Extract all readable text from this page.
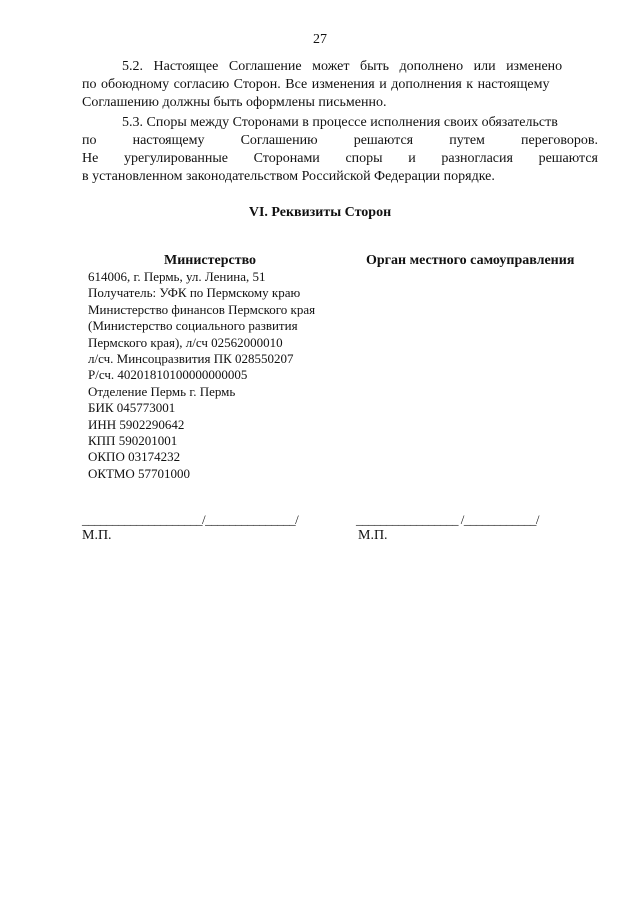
27

5.2. Настоящее Соглашение может быть дополнено или изменено
по обоюдному согласию Сторон. Все изменения и дополнения к настоящему
Соглашению должны быть оформлены письменно.

5.3. Споры между Сторонами в процессе исполнения своих обязательств
по	настоящему	Соглашению	решаются	путем	переговоров.
Не урегулированные Сторонами споры и разногласия решаются
в установленном законодательством Российской Федерации порядке.

VI. Реквизиты Сторон
Министерство	Орган местного самоуправления
614006, г. Пермь, ул. Ленина, 51
Получатель: УФК по Пермскому краю
Министерство финансов Пермского края
(Министерство социального развития
Пермского края), л/сч 02562000010
л/сч. Минсоцразвития ПК 028550207
Р/сч. 40201810100000000005
Отделение Пермь г. Пермь
БИК 045773001
ИНН 5902290642
КПП 590201001
ОКПО 03174232
ОКТМО 57701000
____________________/_______________/	_________________ /____________/
М.П.	М.П.
